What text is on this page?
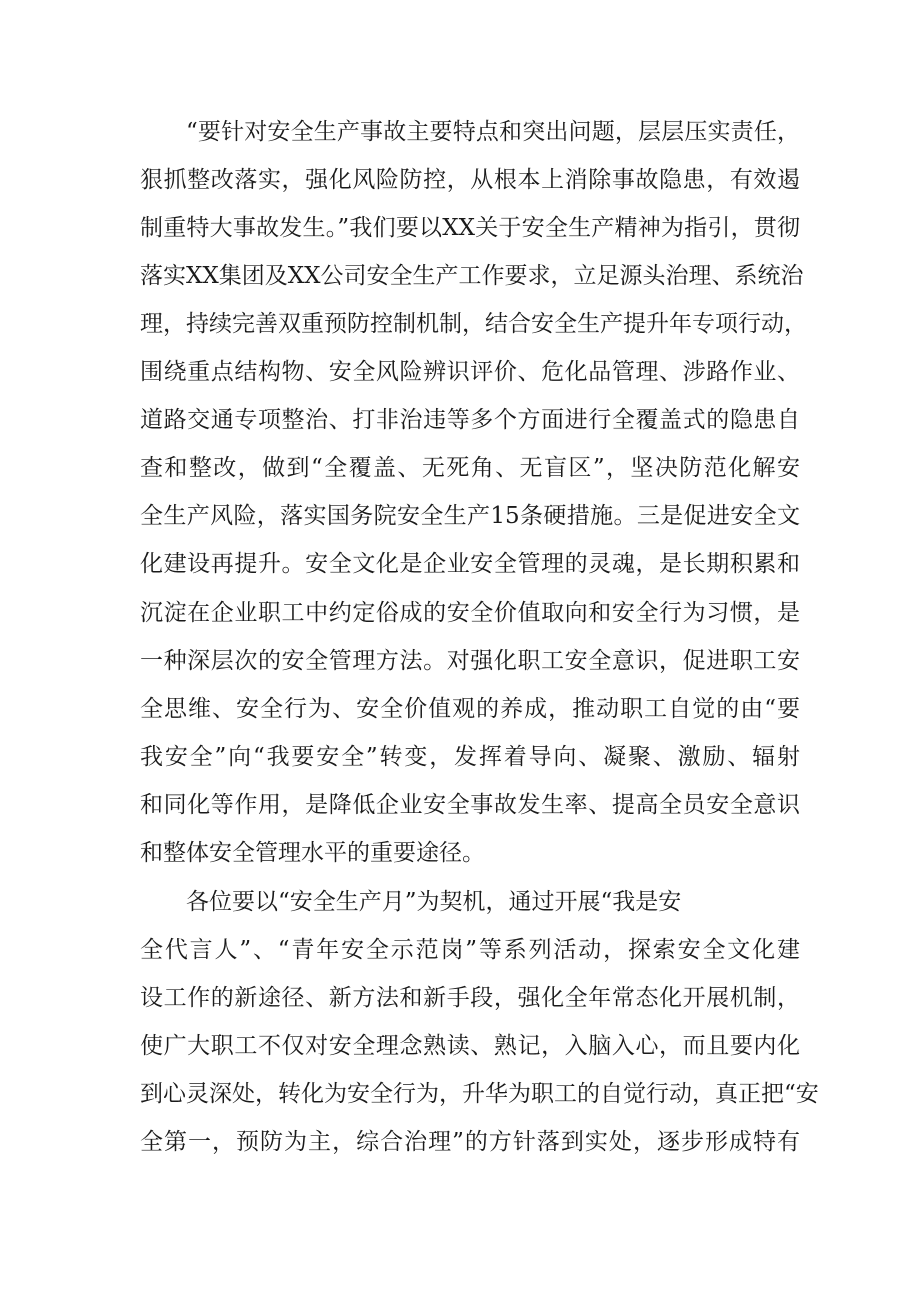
“要针对安全生产事故主要特点和突出问题，层层压实责任，
狠抓整改落实，强化风险防控，从根本上消除事故隐患，有效遏
制重特大事故发生。”我们要以XX关于安全生产精神为指引，贯彻
落实XX集团及XX公司安全生产工作要求，立足源头治理、系统治
理，持续完善双重预防控制机制，结合安全生产提升年专项行动，
围绕重点结构物、安全风险辨识评价、危化品管理、涉路作业、
道路交通专项整治、打非治违等多个方面进行全覆盖式的隐患自
查和整改，做到“全覆盖、无死角、无盲区”，坚决防范化解安
全生产风险，落实国务院安全生产15条硬措施。三是促进安全文
化建设再提升。安全文化是企业安全管理的灵魂，是长期积累和
沉淀在企业职工中约定俗成的安全价值取向和安全行为习惯，是
一种深层次的安全管理方法。对强化职工安全意识，促进职工安
全思维、安全行为、安全价值观的养成，推动职工自觉的由“要
我安全”向“我要安全”转变，发挥着导向、凝聚、激励、辐射
和同化等作用，是降低企业安全事故发生率、提高全员安全意识
和整体安全管理水平的重要途径。
各位要以“安全生产月”为契机，通过开展“我是安
全代言人”、“青年安全示范岗”等系列活动，探索安全文化建
设工作的新途径、新方法和新手段，强化全年常态化开展机制，
使广大职工不仅对安全理念熟读、熟记，入脑入心，而且要内化
到心灵深处，转化为安全行为，升华为职工的自觉行动，真正把“安
全第一，预防为主，综合治理”的方针落到实处，逐步形成特有
